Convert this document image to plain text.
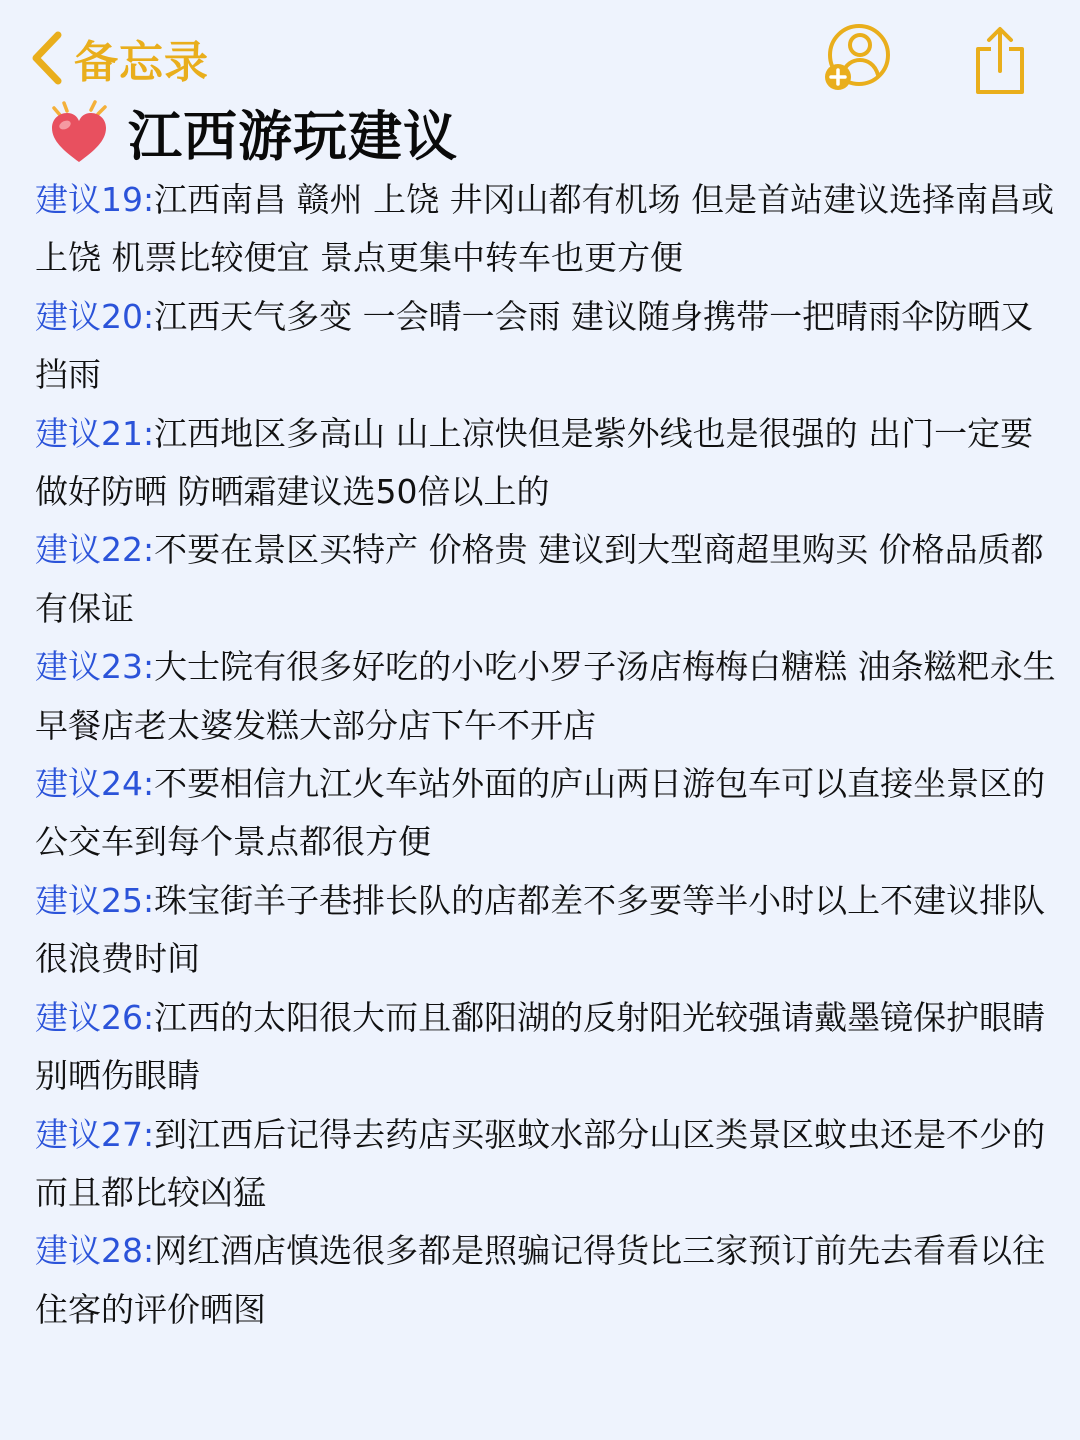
备忘录
江西游玩建议

建议19:江西南昌 赣州 上饶 井冈山都有机场 但是首站建议选择南昌或上饶 机票比较便宜 景点更集中转车也更方便

建议20:江西天气多变 一会晴一会雨 建议随身携带一把晴雨伞防晒又挡雨

建议21:江西地区多高山 山上凉快但是紫外线也是很强的 出门一定要做好防晒 防晒霜建议选50倍以上的

建议22:不要在景区买特产 价格贵 建议到大型商超里购买 价格品质都有保证

建议23:大士院有很多好吃的小吃小罗子汤店梅梅白糖糕 油条糍粑永生早餐店老太婆发糕大部分店下午不开店

建议24:不要相信九江火车站外面的庐山两日游包车可以直接坐景区的公交车到每个景点都很方便

建议25:珠宝街羊子巷排长队的店都差不多要等半小时以上不建议排队很浪费时间

建议26:江西的太阳很大而且鄱阳湖的反射阳光较强请戴墨镜保护眼睛别晒伤眼睛

建议27:到江西后记得去药店买驱蚊水部分山区类景区蚊虫还是不少的而且都比较凶猛

建议28:网红酒店慎选很多都是照骗记得货比三家预订前先去看看以往住客的评价晒图
